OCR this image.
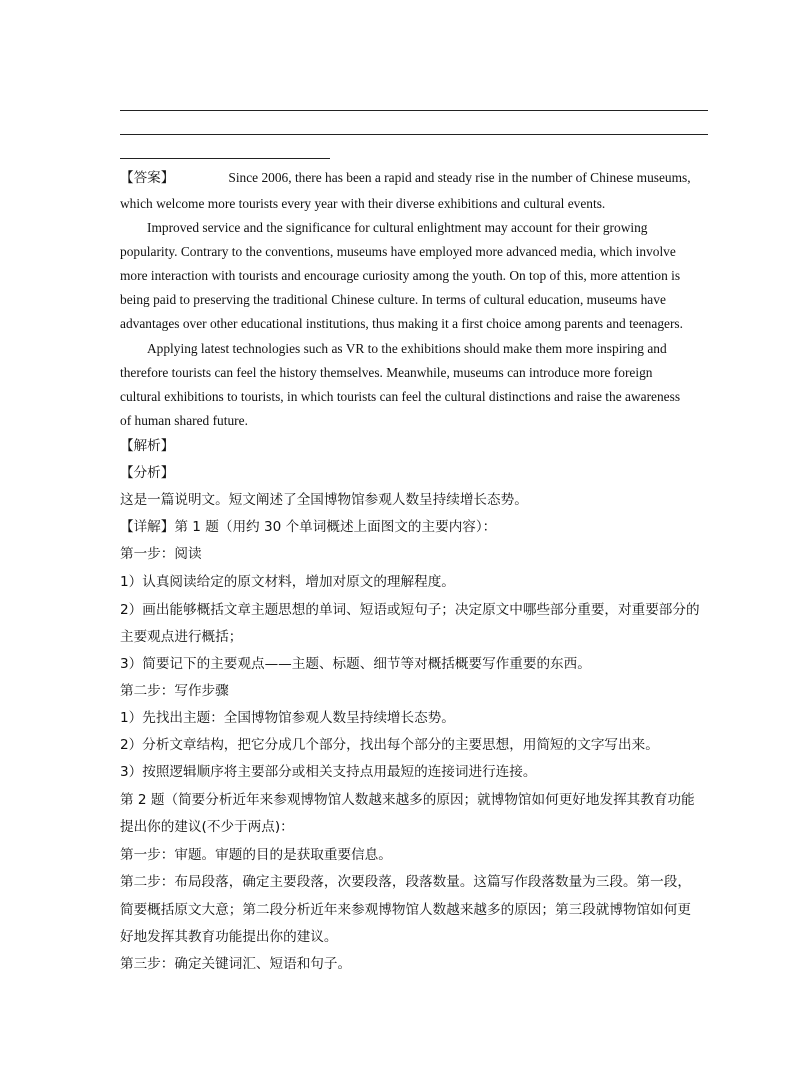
【答案】	Since 2006, there has been a rapid and steady rise in the number of Chinese museums,
which welcome more tourists every year with their diverse exhibitions and cultural events.
Improved service and the significance for cultural enlightment may account for their growing
popularity. Contrary to the conventions, museums have employed more advanced media, which involve
more interaction with tourists and encourage curiosity among the youth. On top of this, more attention is
being paid to preserving the traditional Chinese culture. In terms of cultural education, museums have
advantages over other educational institutions, thus making it a first choice among parents and teenagers.
Applying latest technologies such as VR to the exhibitions should make them more inspiring and
therefore tourists can feel the history themselves. Meanwhile, museums can introduce more foreign
cultural exhibitions to tourists, in which tourists can feel the cultural distinctions and raise the awareness
of human shared future.
【解析】
【分析】
这是一篇说明文。短文阐述了全国博物馆参观人数呈持续增长态势。
【详解】第 1 题（用约 30 个单词概述上面图文的主要内容）：
第一步：阅读
1）认真阅读给定的原文材料，增加对原文的理解程度。
2）画出能够概括文章主题思想的单词、短语或短句子；决定原文中哪些部分重要，对重要部分的
主要观点进行概括；
3）简要记下的主要观点——主题、标题、细节等对概括概要写作重要的东西。
第二步：写作步骤
1）先找出主题：全国博物馆参观人数呈持续增长态势。
2）分析文章结构，把它分成几个部分，找出每个部分的主要思想，用简短的文字写出来。
3）按照逻辑顺序将主要部分或相关支持点用最短的连接词进行连接。
第 2 题（简要分析近年来参观博物馆人数越来越多的原因；就博物馆如何更好地发挥其教育功能
提出你的建议(不少于两点)：
第一步：审题。审题的目的是获取重要信息。
第二步：布局段落，确定主要段落，次要段落，段落数量。这篇写作段落数量为三段。第一段，
简要概括原文大意；第二段分析近年来参观博物馆人数越来越多的原因；第三段就博物馆如何更
好地发挥其教育功能提出你的建议。
第三步：确定关键词汇、短语和句子。
